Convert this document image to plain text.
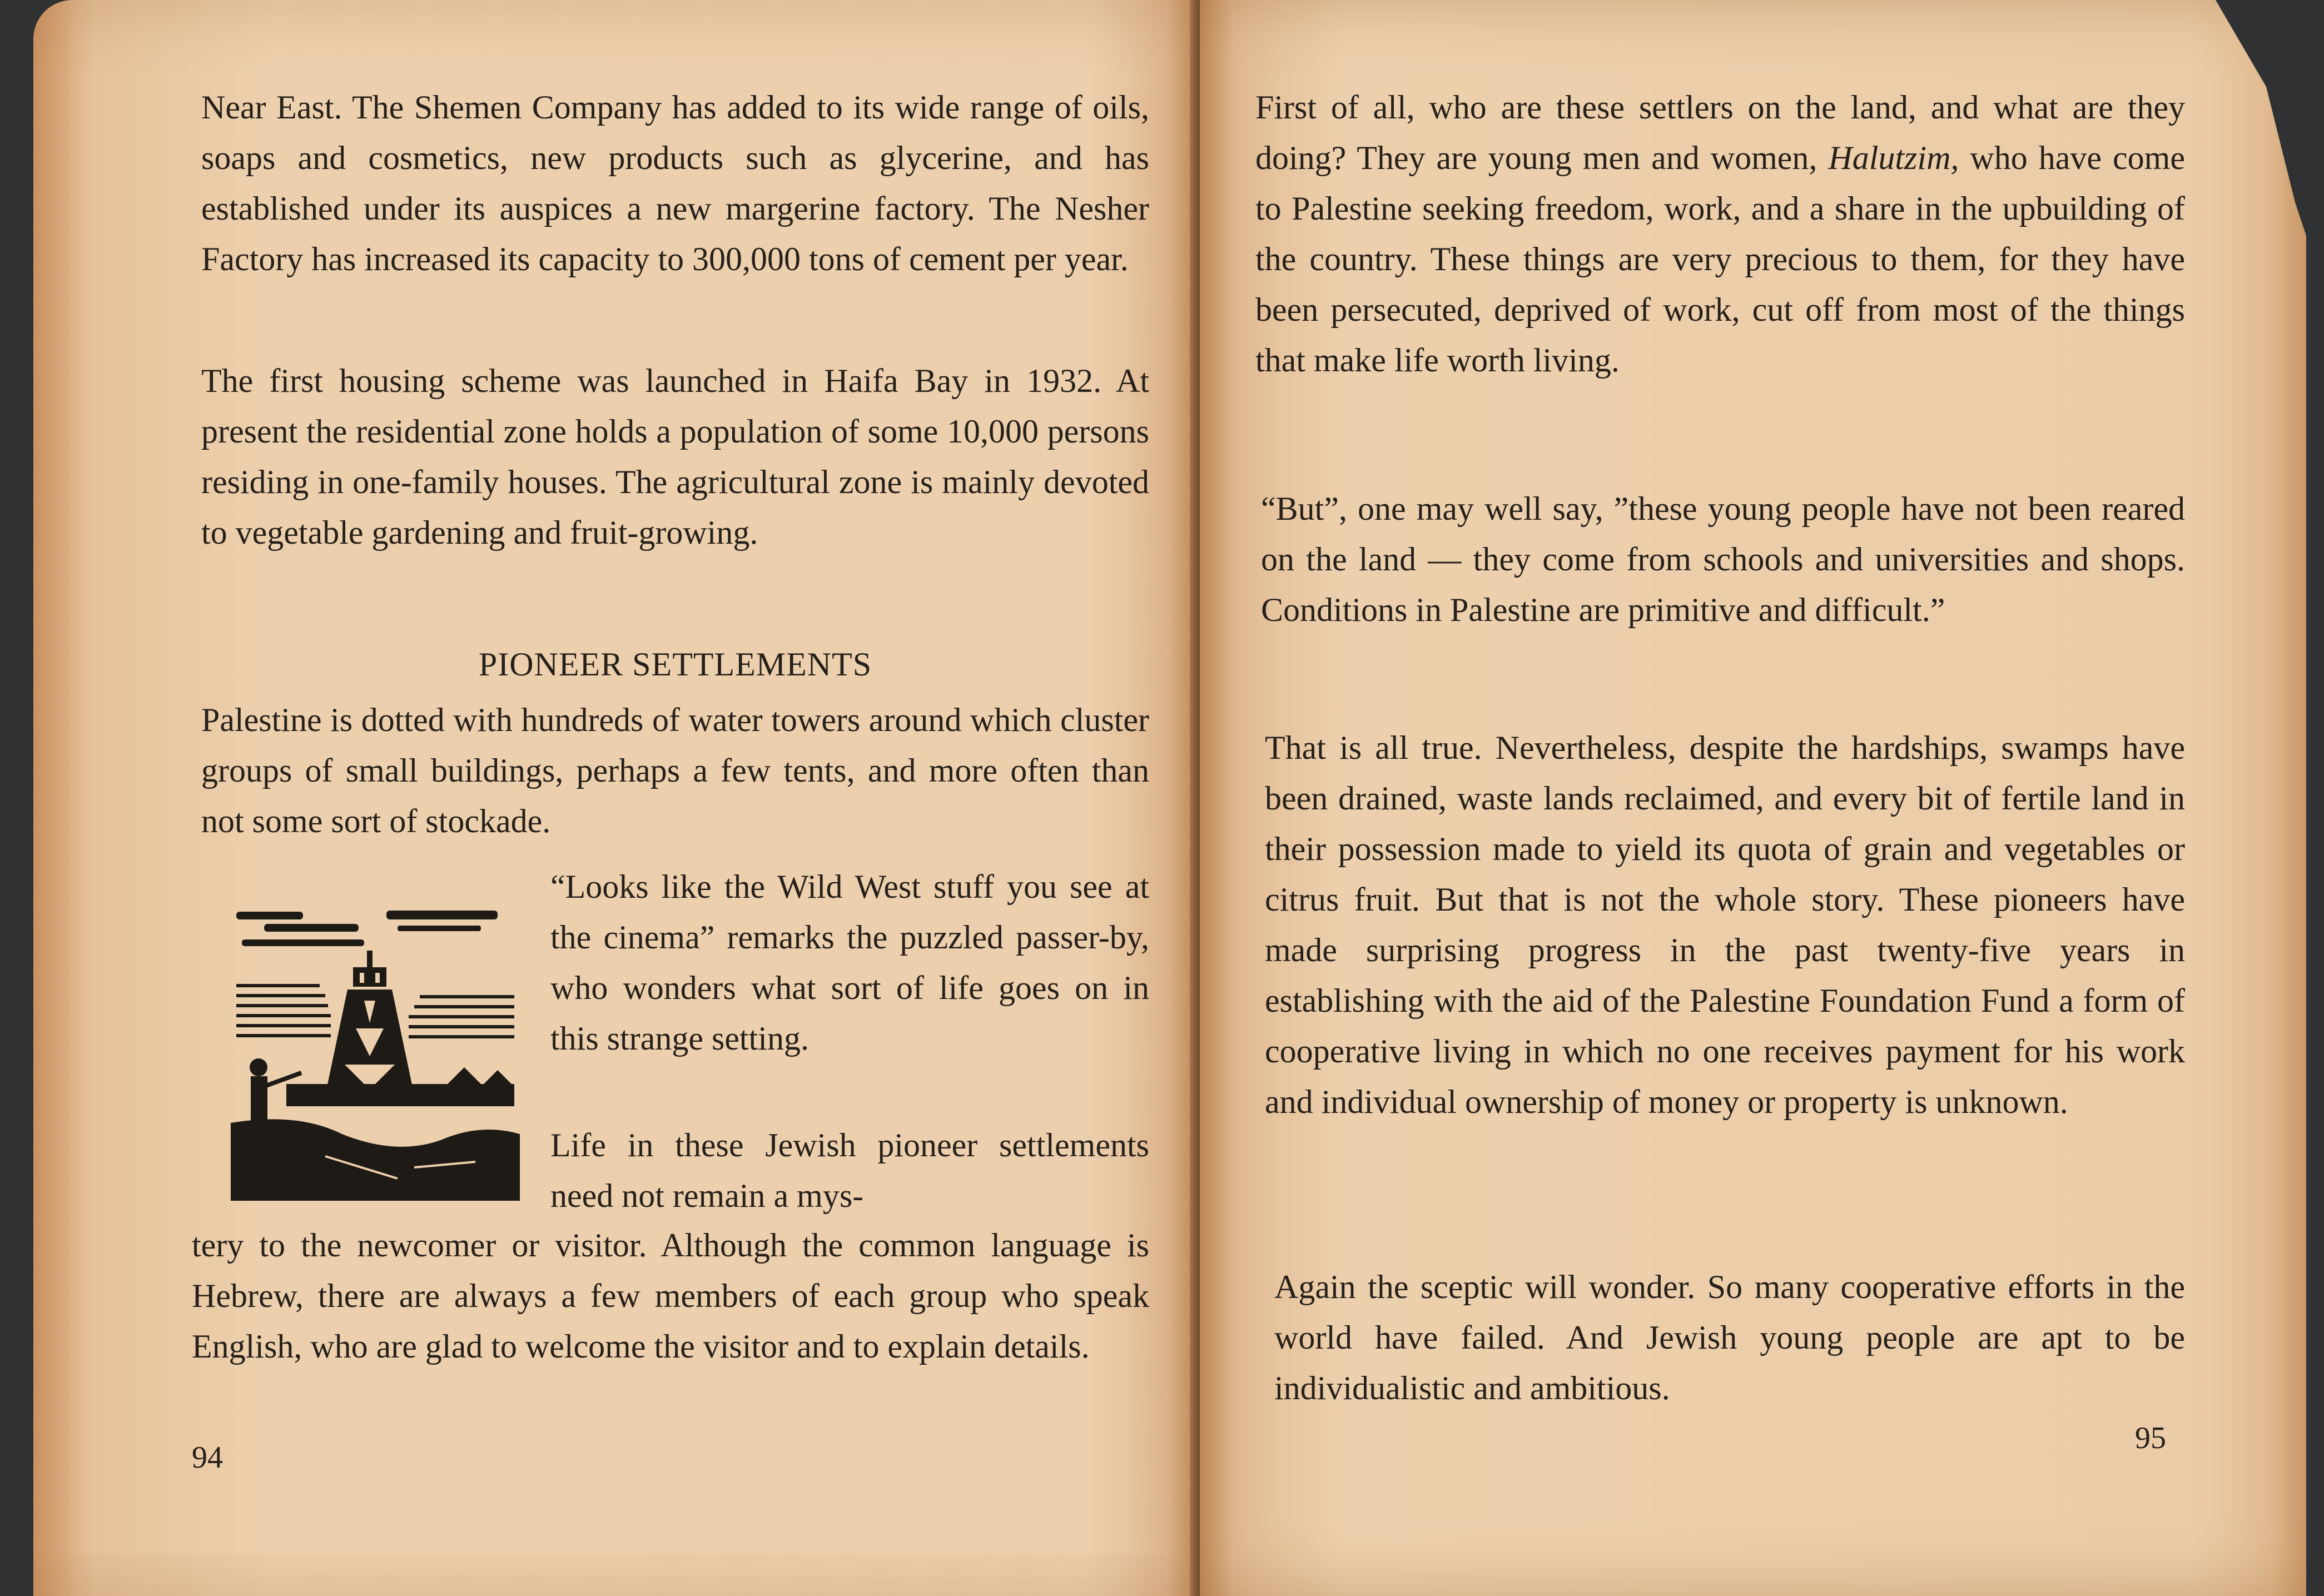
Near East. The Shemen Company has added to its wide range of oils, soaps and cosmetics, new products such as glycerine, and has established under its auspices a new margerine factory. The Nesher Factory has increased its capacity to 300,000 tons of cement per year.

The first housing scheme was launched in Haifa Bay in 1932. At present the residential zone holds a population of some 10,000 persons residing in one-family houses. The agricultural zone is mainly devoted to vegetable gardening and fruit-growing.

PIONEER SETTLEMENTS

Palestine is dotted with hundreds of water towers around which cluster groups of small buildings, perhaps a few tents, and more often than not some sort of stockade.

“Looks like the Wild West stuff you see at the cinema” remarks the puzzled passer-by, who wonders what sort of life goes on in this strange setting.

Life in these Jewish pioneer settlements need not remain a mys-

tery to the newcomer or visitor. Although the common language is Hebrew, there are always a few members of each group who speak English, who are glad to welcome the visitor and to explain details.

94

First of all, who are these settlers on the land, and what are they doing? They are young men and women, Halutzim, who have come to Palestine seeking freedom, work, and a share in the upbuilding of the country. These things are very precious to them, for they have been persecuted, deprived of work, cut off from most of the things that make life worth living.

“But”, one may well say, ”these young people have not been reared on the land — they come from schools and universities and shops. Conditions in Palestine are primitive and difficult.”

That is all true. Nevertheless, despite the hardships, swamps have been drained, waste lands reclaimed, and every bit of fertile land in their possession made to yield its quota of grain and vegetables or citrus fruit. But that is not the whole story. These pioneers have made surprising progress in the past twenty-five years in establishing with the aid of the Palestine Foundation Fund a form of cooperative living in which no one receives payment for his work and individual ownership of money or property is unknown.

Again the sceptic will wonder. So many cooperative efforts in the world have failed. And Jewish young people are apt to be individualistic and ambitious.

95
